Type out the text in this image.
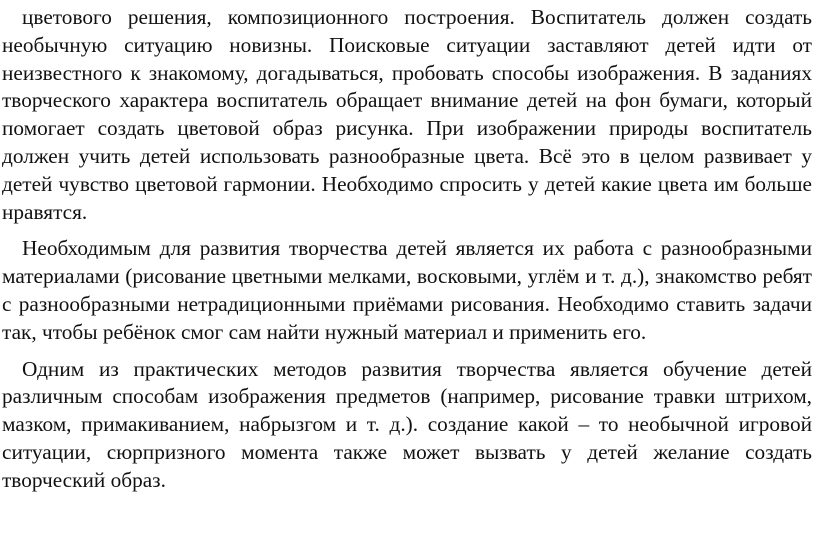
цветового решения, композиционного построения. Воспитатель должен создать необычную ситуацию новизны. Поисковые ситуации заставляют детей идти от неизвестного к знакомому, догадываться, пробовать способы изображения. В заданиях творческого характера воспитатель обращает внимание детей на фон бумаги, который помогает создать цветовой образ рисунка. При изображении природы воспитатель должен учить детей использовать разнообразные цвета. Всё это в целом развивает у детей чувство цветовой гармонии. Необходимо спросить у детей какие цвета им больше нравятся.

Необходимым для развития творчества детей является их работа с разнообразными материалами (рисование цветными мелками, восковыми, углём и т. д.), знакомство ребят с разнообразными нетрадиционными приёмами рисования. Необходимо ставить задачи так, чтобы ребёнок смог сам найти нужный материал и применить его.

Одним из практических методов развития творчества является обучение детей различным способам изображения предметов (например, рисование травки штрихом, мазком, примакиванием, набрызгом и т. д.). создание какой – то необычной игровой ситуации, сюрпризного момента также может вызвать у детей желание создать творческий образ.
